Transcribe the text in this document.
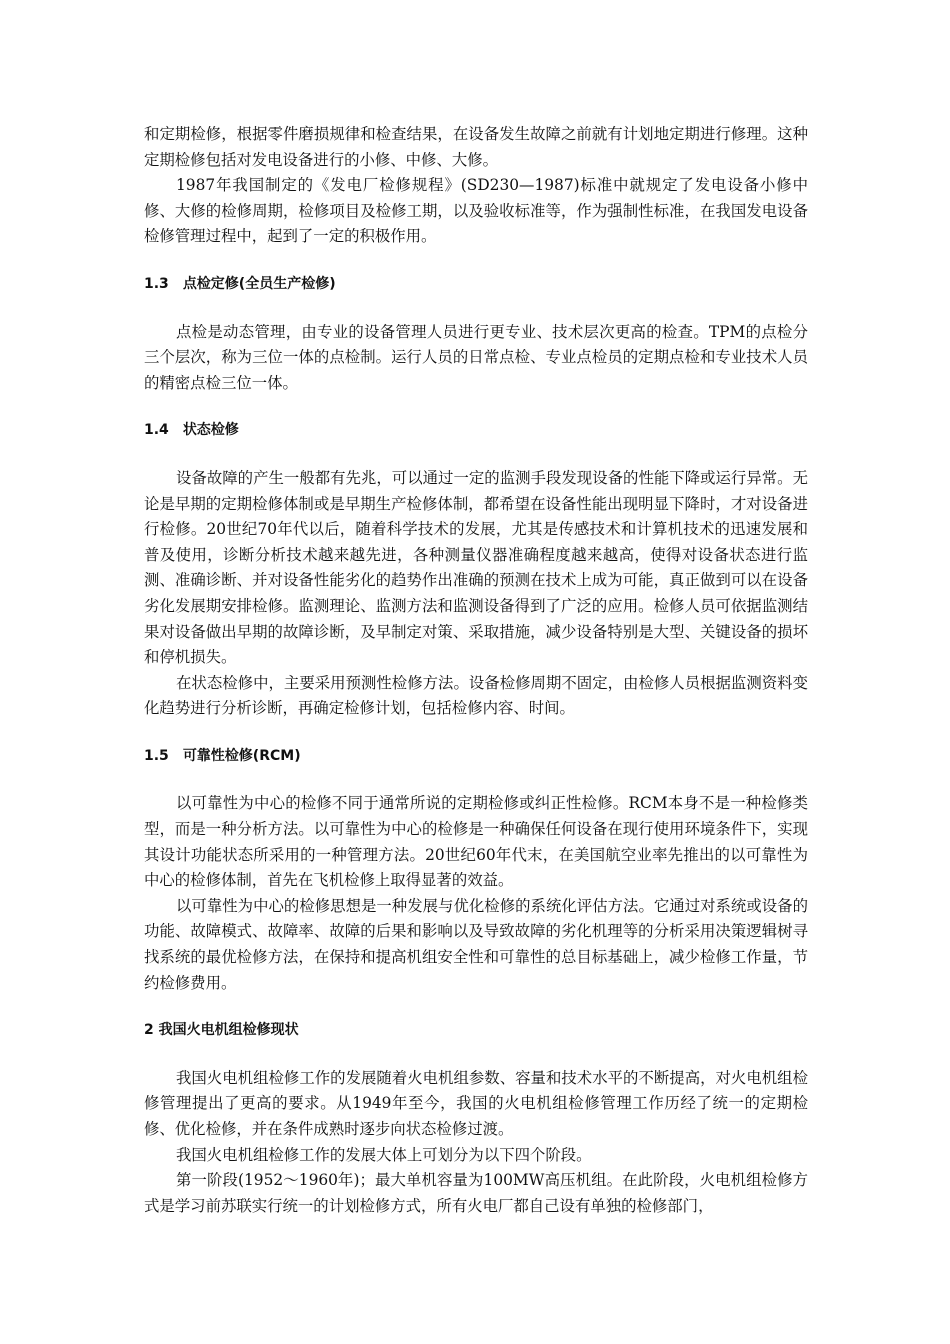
和定期检修，根据零件磨损规律和检查结果，在设备发生故障之前就有计划地定期进行修理。这种定期检修包括对发电设备进行的小修、中修、大修。

1987年我国制定的《发电厂检修规程》(SD230—1987)标准中就规定了发电设备小修中修、大修的检修周期，检修项目及检修工期，以及验收标准等，作为强制性标准，在我国发电设备检修管理过程中，起到了一定的积极作用。

1.3 点检定修(全员生产检修)

点检是动态管理，由专业的设备管理人员进行更专业、技术层次更高的检查。TPM的点检分三个层次，称为三位一体的点检制。运行人员的日常点检、专业点检员的定期点检和专业技术人员的精密点检三位一体。

1.4 状态检修

设备故障的产生一般都有先兆，可以通过一定的监测手段发现设备的性能下降或运行异常。无论是早期的定期检修体制或是早期生产检修体制，都希望在设备性能出现明显下降时，才对设备进行检修。20世纪70年代以后，随着科学技术的发展，尤其是传感技术和计算机技术的迅速发展和普及使用，诊断分析技术越来越先进，各种测量仪器准确程度越来越高，使得对设备状态进行监测、准确诊断、并对设备性能劣化的趋势作出准确的预测在技术上成为可能，真正做到可以在设备劣化发展期安排检修。监测理论、监测方法和监测设备得到了广泛的应用。检修人员可依据监测结果对设备做出早期的故障诊断，及早制定对策、采取措施，减少设备特别是大型、关键设备的损坏和停机损失。

在状态检修中，主要采用预测性检修方法。设备检修周期不固定，由检修人员根据监测资料变化趋势进行分析诊断，再确定检修计划，包括检修内容、时间。

1.5 可靠性检修(RCM)

以可靠性为中心的检修不同于通常所说的定期检修或纠正性检修。RCM本身不是一种检修类型，而是一种分析方法。以可靠性为中心的检修是一种确保任何设备在现行使用环境条件下，实现其设计功能状态所采用的一种管理方法。20世纪60年代末，在美国航空业率先推出的以可靠性为中心的检修体制，首先在飞机检修上取得显著的效益。

以可靠性为中心的检修思想是一种发展与优化检修的系统化评估方法。它通过对系统或设备的功能、故障模式、故障率、故障的后果和影响以及导致故障的劣化机理等的分析采用决策逻辑树寻找系统的最优检修方法，在保持和提高机组安全性和可靠性的总目标基础上，减少检修工作量，节约检修费用。

2 我国火电机组检修现状

我国火电机组检修工作的发展随着火电机组参数、容量和技术水平的不断提高，对火电机组检修管理提出了更高的要求。从1949年至今，我国的火电机组检修管理工作历经了统一的定期检修、优化检修，并在条件成熟时逐步向状态检修过渡。

我国火电机组检修工作的发展大体上可划分为以下四个阶段。

第一阶段(1952～1960年)；最大单机容量为100MW高压机组。在此阶段，火电机组检修方式是学习前苏联实行统一的计划检修方式，所有火电厂都自己设有单独的检修部门，
